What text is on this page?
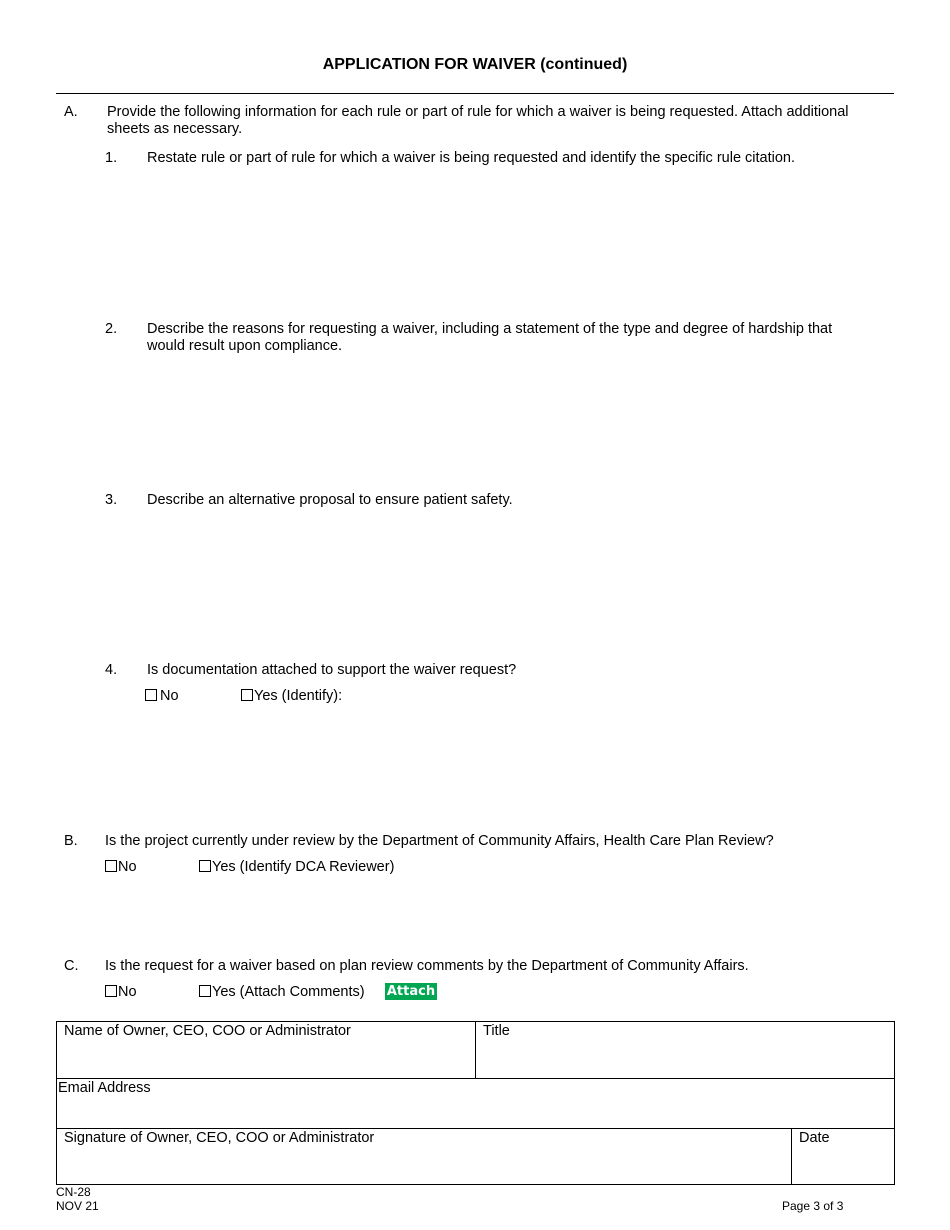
APPLICATION FOR WAIVER (continued)
A. Provide the following information for each rule or part of rule for which a waiver is being requested. Attach additional
sheets as necessary.
1. Restate rule or part of rule for which a waiver is being requested and identify the specific rule citation.
2. Describe the reasons for requesting a waiver, including a statement of the type and degree of hardship that
would result upon compliance.
3. Describe an alternative proposal to ensure patient safety.
4. Is documentation attached to support the waiver request?
No	Yes (Identify):
B. Is the project currently under review by the Department of Community Affairs, Health Care Plan Review?
No	Yes (Identify DCA Reviewer)
C. Is the request for a waiver based on plan review comments by the Department of Community Affairs.
No	Yes (Attach Comments) Attach
Name of Owner, CEO, COO or Administrator	Title	
Email Address		
Signature of Owner, CEO, COO or Administrator		Date
CN-28
NOV 21	Page 3 of 3
